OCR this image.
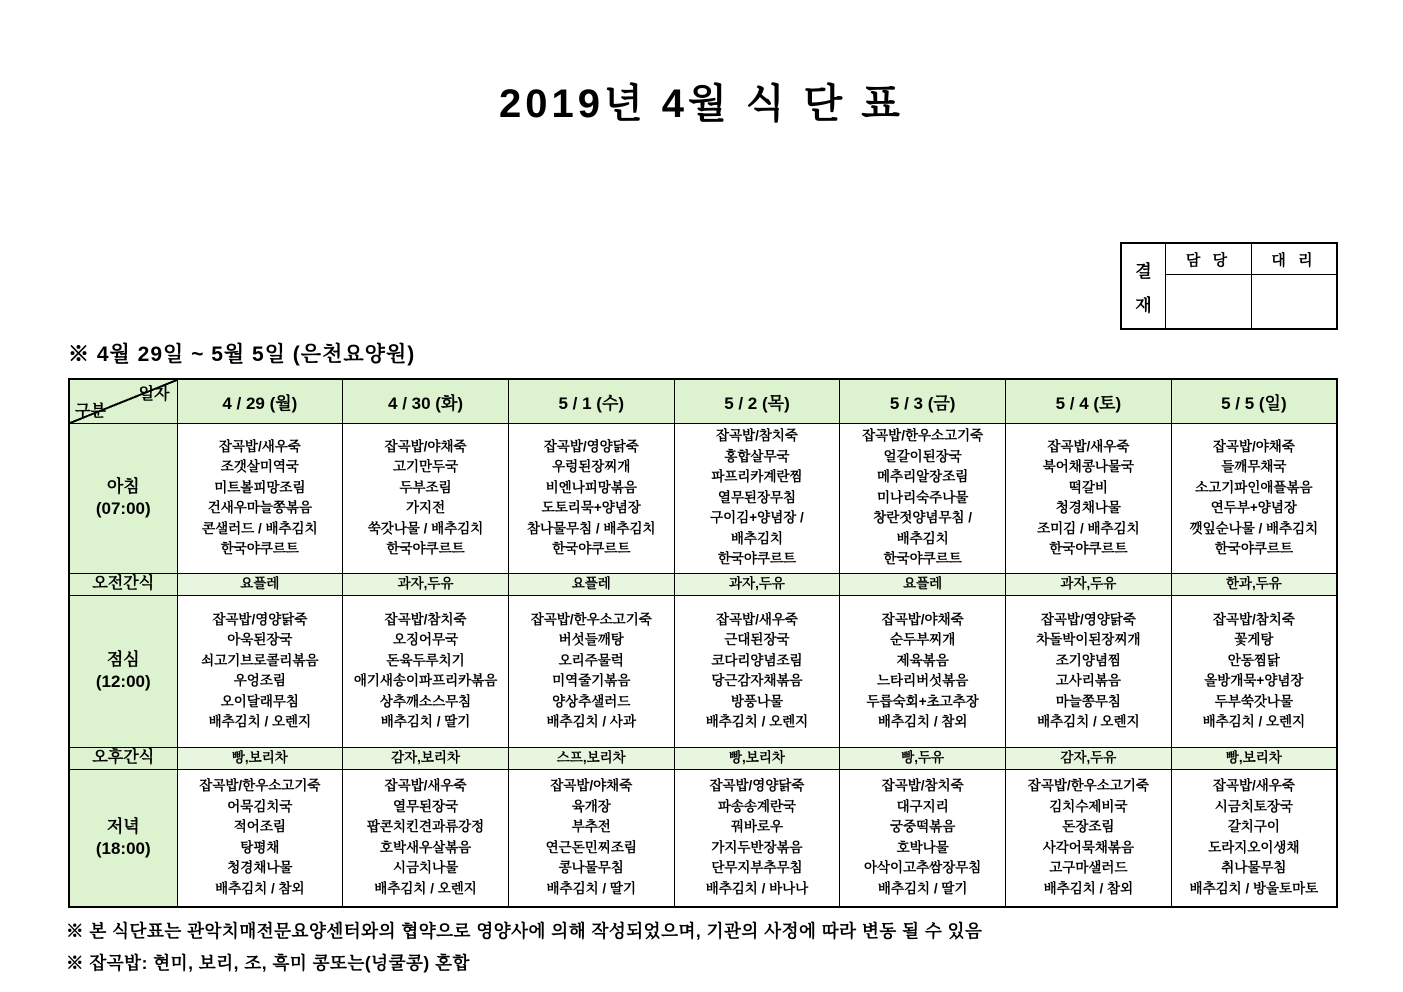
2019년 4월 식 단 표
결
재
담 당	대 리
※ 4월 29일 ~ 5월 5일 (은천요양원)
일자
구분	4 / 29 (월)	4 / 30 (화)	5 / 1 (수)	5 / 2 (목)	5 / 3 (금)	5 / 4 (토)	5 / 5 (일)

아침
(07:00)

잡곡밥/새우죽
조갯살미역국
미트볼피망조림
건새우마늘쫑볶음
콘샐러드 / 배추김치
한국야쿠르트

잡곡밥/야채죽
고기만두국
두부조림
가지전
쑥갓나물 / 배추김치
한국야쿠르트

잡곡밥/영양닭죽
우렁된장찌개
비엔나피망볶음
도토리묵+양념장
참나물무침 / 배추김치
한국야쿠르트

잡곡밥/참치죽
홍합살무국
파프리카계란찜
열무된장무침
구이김+양념장 /
배추김치
한국야쿠르트

잡곡밥/한우소고기죽
얼갈이된장국
메추리알장조림
미나리숙주나물
창란젓양념무침 /
배추김치
한국야쿠르트

잡곡밥/새우죽
북어채콩나물국
떡갈비
청경채나물
조미김 / 배추김치
한국야쿠르트

잡곡밥/야채죽
들깨무채국
소고기파인애플볶음
연두부+양념장
깻잎순나물 / 배추김치
한국야쿠르트

오전간식	요플레	과자,두유	요플레	과자,두유	요플레	과자,두유	한과,두유

점심
(12:00)

잡곡밥/영양닭죽
아욱된장국
쇠고기브로콜리볶음
우엉조림
오이달래무침
배추김치 / 오렌지

잡곡밥/참치죽
오징어무국
돈육두루치기
애기새송이파프리카볶음
상추깨소스무침
배추김치 / 딸기

잡곡밥/한우소고기죽
버섯들깨탕
오리주물럭
미역줄기볶음
양상추샐러드
배추김치 / 사과

잡곡밥/새우죽
근대된장국
코다리양념조림
당근감자채볶음
방풍나물
배추김치 / 오렌지

잡곡밥/야채죽
순두부찌개
제육볶음
느타리버섯볶음
두릅숙회+초고추장
배추김치 / 참외

잡곡밥/영양닭죽
차돌박이된장찌개
조기양념찜
고사리볶음
마늘쫑무침
배추김치 / 오렌지

잡곡밥/참치죽
꽃게탕
안동찜닭
올방개묵+양념장
두부쑥갓나물
배추김치 / 오렌지

오후간식	빵,보리차	감자,보리차	스프,보리차	빵,보리차	빵,두유	감자,두유	빵,보리차

저녁
(18:00)

잡곡밥/한우소고기죽
어묵김치국
적어조림
탕평채
청경채나물
배추김치 / 참외

잡곡밥/새우죽
열무된장국
팝콘치킨견과류강정
호박새우살볶음
시금치나물
배추김치 / 오렌지

잡곡밥/야채죽
육개장
부추전
연근돈민찌조림
콩나물무침
배추김치 / 딸기

잡곡밥/영양닭죽
파송송계란국
꿔바로우
가지두반장볶음
단무지부추무침
배추김치 / 바나나

잡곡밥/참치죽
대구지리
궁중떡볶음
호박나물
아삭이고추쌈장무침
배추김치 / 딸기

잡곡밥/한우소고기죽
김치수제비국
돈장조림
사각어묵채볶음
고구마샐러드
배추김치 / 참외

잡곡밥/새우죽
시금치토장국
갈치구이
도라지오이생채
취나물무침
배추김치 / 방울토마토
※ 본 식단표는 관악치매전문요양센터와의 협약으로 영양사에 의해 작성되었으며, 기관의 사정에 따라 변동 될 수 있음
※ 잡곡밥: 현미, 보리, 조, 흑미 콩또는(넝쿨콩) 혼합
